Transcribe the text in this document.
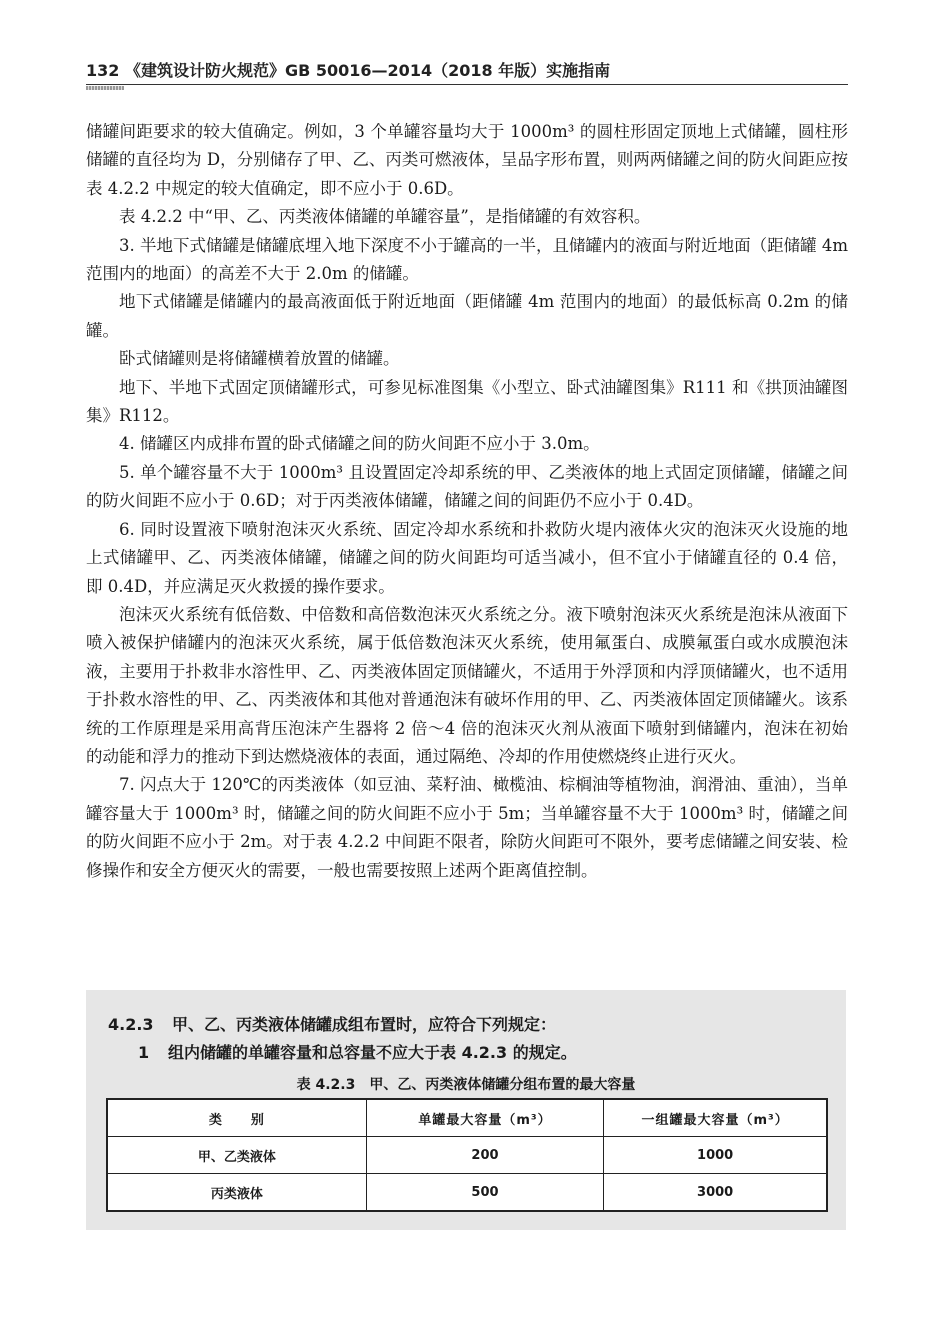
132 《建筑设计防火规范》GB 50016—2014（2018 年版）实施指南

储罐间距要求的较大值确定。例如，3 个单罐容量均大于 1000m³ 的圆柱形固定顶地上式储罐，圆柱形储罐的直径均为 D，分别储存了甲、乙、丙类可燃液体，呈品字形布置，则两两储罐之间的防火间距应按表 4.2.2 中规定的较大值确定，即不应小于 0.6D。

表 4.2.2 中“甲、乙、丙类液体储罐的单罐容量”，是指储罐的有效容积。

3. 半地下式储罐是储罐底埋入地下深度不小于罐高的一半，且储罐内的液面与附近地面（距储罐 4m 范围内的地面）的高差不大于 2.0m 的储罐。

地下式储罐是储罐内的最高液面低于附近地面（距储罐 4m 范围内的地面）的最低标高 0.2m 的储罐。

卧式储罐则是将储罐横着放置的储罐。

地下、半地下式固定顶储罐形式，可参见标准图集《小型立、卧式油罐图集》R111 和《拱顶油罐图集》R112。

4. 储罐区内成排布置的卧式储罐之间的防火间距不应小于 3.0m。

5. 单个罐容量不大于 1000m³ 且设置固定冷却系统的甲、乙类液体的地上式固定顶储罐，储罐之间的防火间距不应小于 0.6D；对于丙类液体储罐，储罐之间的间距仍不应小于 0.4D。

6. 同时设置液下喷射泡沫灭火系统、固定冷却水系统和扑救防火堤内液体火灾的泡沫灭火设施的地上式储罐甲、乙、丙类液体储罐，储罐之间的防火间距均可适当减小，但不宜小于储罐直径的 0.4 倍，即 0.4D，并应满足灭火救援的操作要求。

泡沫灭火系统有低倍数、中倍数和高倍数泡沫灭火系统之分。液下喷射泡沫灭火系统是泡沫从液面下喷入被保护储罐内的泡沫灭火系统，属于低倍数泡沫灭火系统，使用氟蛋白、成膜氟蛋白或水成膜泡沫液，主要用于扑救非水溶性甲、乙、丙类液体固定顶储罐火，不适用于外浮顶和内浮顶储罐火，也不适用于扑救水溶性的甲、乙、丙类液体和其他对普通泡沫有破坏作用的甲、乙、丙类液体固定顶储罐火。该系统的工作原理是采用高背压泡沫产生器将 2 倍～4 倍的泡沫灭火剂从液面下喷射到储罐内，泡沫在初始的动能和浮力的推动下到达燃烧液体的表面，通过隔绝、冷却的作用使燃烧终止进行灭火。

7. 闪点大于 120℃的丙类液体（如豆油、菜籽油、橄榄油、棕榈油等植物油，润滑油、重油），当单罐容量大于 1000m³ 时，储罐之间的防火间距不应小于 5m；当单罐容量不大于 1000m³ 时，储罐之间的防火间距不应小于 2m。对于表 4.2.2 中间距不限者，除防火间距可不限外，要考虑储罐之间安装、检修操作和安全方便灭火的需要，一般也需要按照上述两个距离值控制。

4.2.3 甲、乙、丙类液体储罐成组布置时，应符合下列规定：
1 组内储罐的单罐容量和总容量不应大于表 4.2.3 的规定。
表 4.2.3　甲、乙、丙类液体储罐分组布置的最大容量
类　　别	单罐最大容量（m³）	一组罐最大容量（m³）
甲、乙类液体	200	1000
丙类液体	500	3000
